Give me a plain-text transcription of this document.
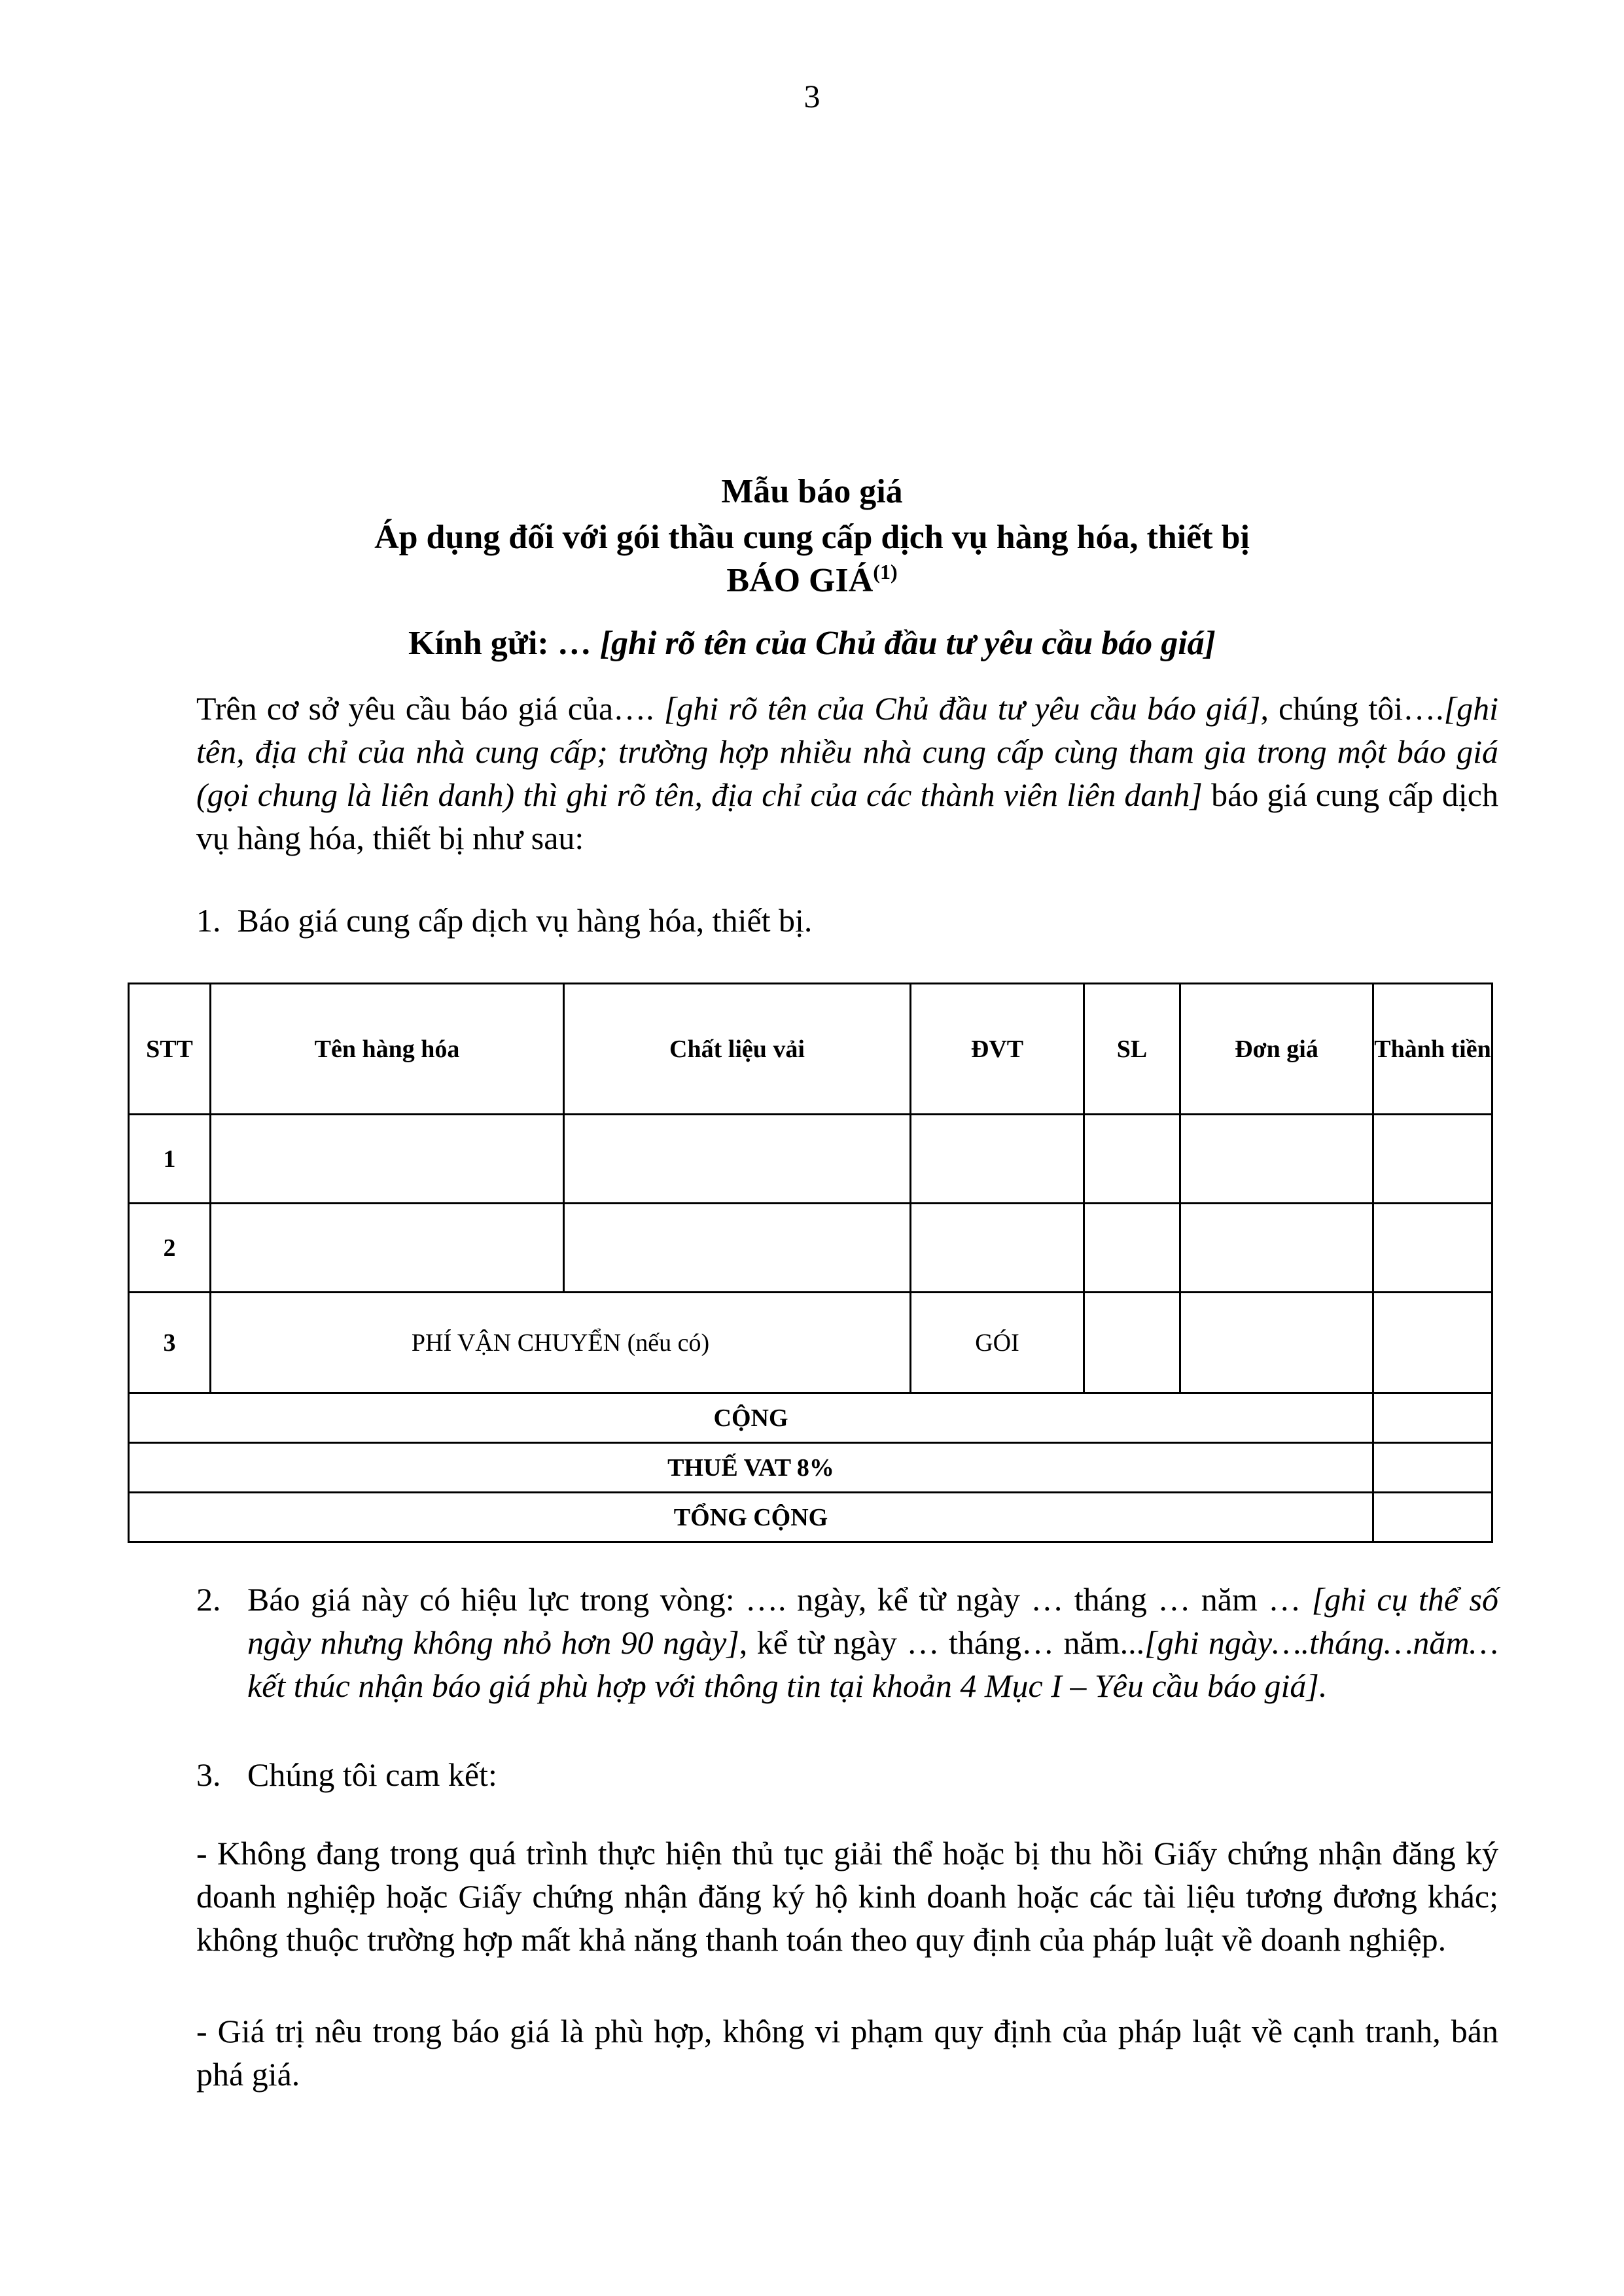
3
Mẫu báo giá
Áp dụng đối với gói thầu cung cấp dịch vụ hàng hóa, thiết bị
BÁO GIÁ$^{(1)}$
Kính gửi: … [ghi rõ tên của Chủ đầu tư yêu cầu báo giá]
Trên cơ sở yêu cầu báo giá của…. [ghi rõ tên của Chủ đầu tư yêu cầu báo giá], chúng tôi….[ghi tên, địa chỉ của nhà cung cấp; trường hợp nhiều nhà cung cấp cùng tham gia trong một báo giá (gọi chung là liên danh) thì ghi rõ tên, địa chỉ của các thành viên liên danh] báo giá cung cấp dịch vụ hàng hóa, thiết bị như sau:
1. Báo giá cung cấp dịch vụ hàng hóa, thiết bị.
STT	Tên hàng hóa	Chất liệu vải	ĐVT	SL	Đơn giá	Thành tiền
1						
2						
3	PHÍ VẬN CHUYỂN (nếu có)		GÓI			
CỘNG						
THUẾ VAT 8%						
TỔNG CỘNG						
2. Báo giá này có hiệu lực trong vòng: …. ngày, kể từ ngày … tháng … năm … [ghi cụ thể số ngày nhưng không nhỏ hơn 90 ngày], kể từ ngày … tháng… năm...[ghi ngày….tháng…năm… kết thúc nhận báo giá phù hợp với thông tin tại khoản 4 Mục I – Yêu cầu báo giá].
3. Chúng tôi cam kết:
- Không đang trong quá trình thực hiện thủ tục giải thể hoặc bị thu hồi Giấy chứng nhận đăng ký doanh nghiệp hoặc Giấy chứng nhận đăng ký hộ kinh doanh hoặc các tài liệu tương đương khác; không thuộc trường hợp mất khả năng thanh toán theo quy định của pháp luật về doanh nghiệp.
- Giá trị nêu trong báo giá là phù hợp, không vi phạm quy định của pháp luật về cạnh tranh, bán phá giá.
